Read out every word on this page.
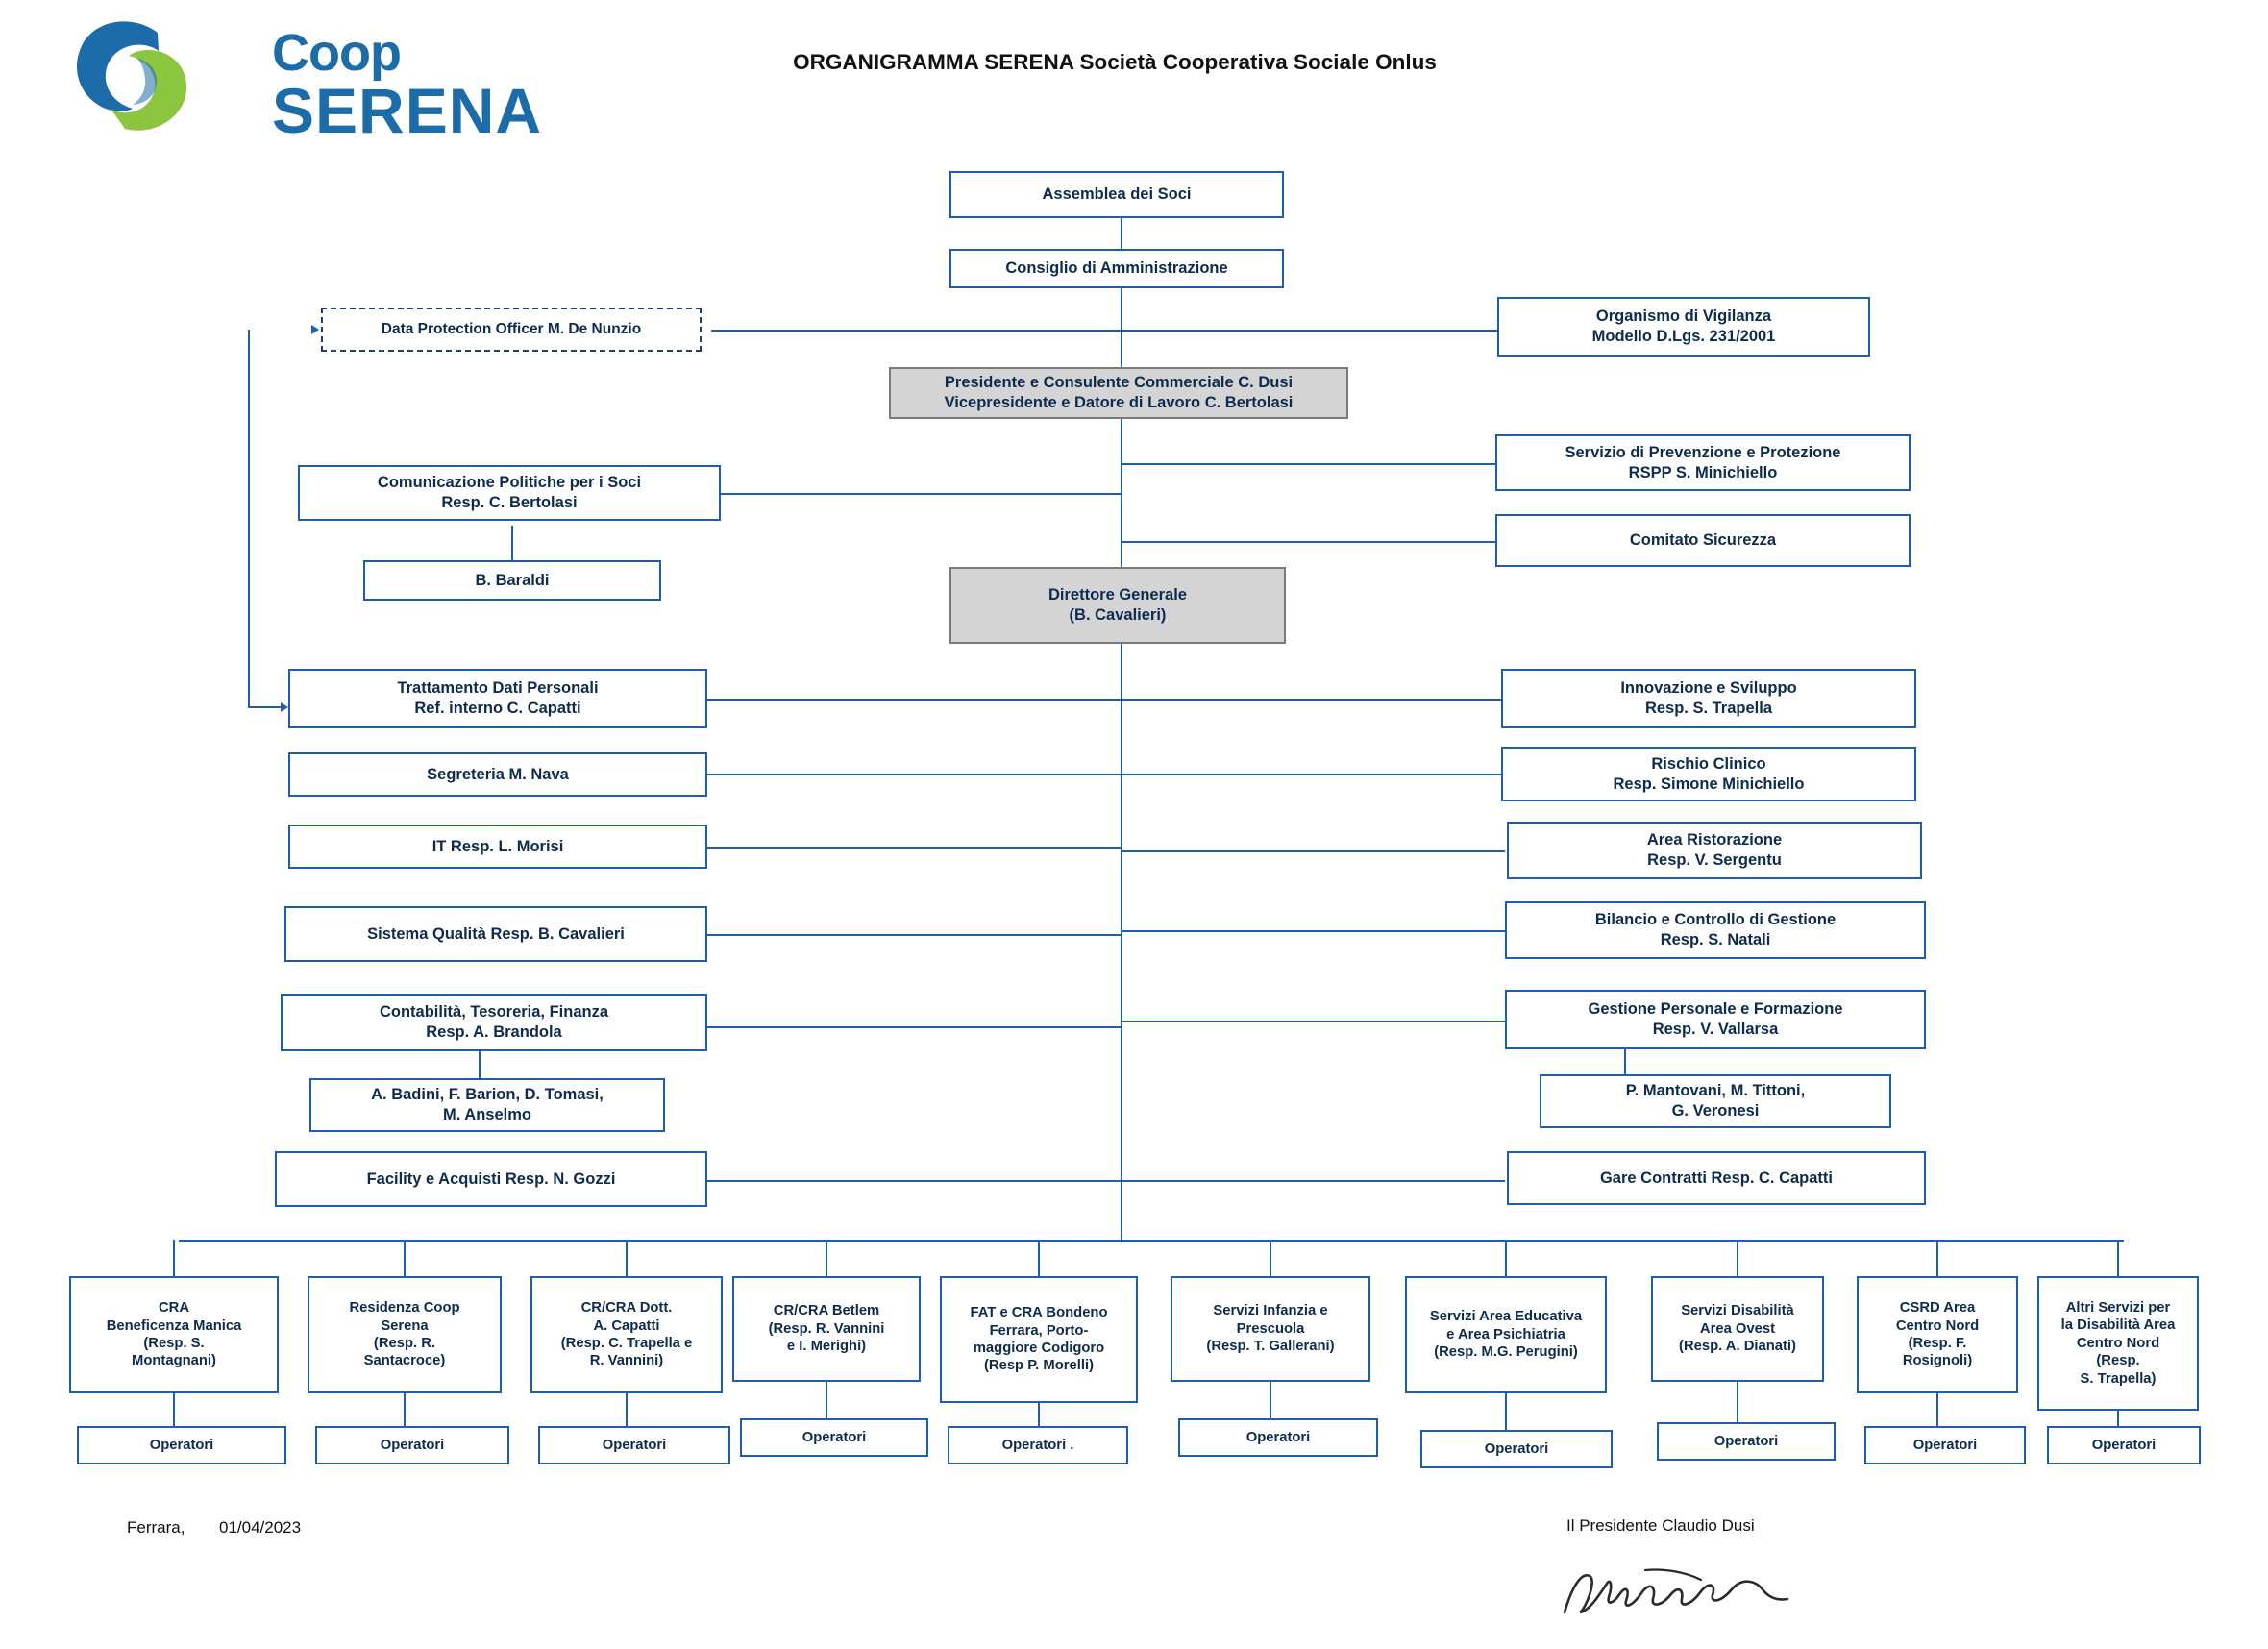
Coop
SERENA
ORGANIGRAMMA SERENA Società Cooperativa Sociale Onlus
Assemblea dei Soci
Consiglio di Amministrazione
Data Protection Officer M. De Nunzio
Organismo di Vigilanza
Modello D.Lgs. 231/2001
Presidente e Consulente Commerciale C. Dusi
Vicepresidente e Datore di Lavoro C. Bertolasi
Comunicazione Politiche per i Soci
Resp. C. Bertolasi
B. Baraldi
Servizio di Prevenzione e Protezione
RSPP S. Minichiello
Comitato Sicurezza
Direttore Generale
(B. Cavalieri)
Trattamento Dati Personali
Ref. interno C. Capatti
Segreteria M. Nava
IT Resp. L. Morisi
Sistema Qualità Resp. B. Cavalieri
Contabilità, Tesoreria, Finanza
Resp. A. Brandola
A. Badini, F. Barion, D. Tomasi,
M. Anselmo
Facility e Acquisti Resp. N. Gozzi
Innovazione e Sviluppo
Resp. S. Trapella
Rischio Clinico
Resp. Simone Minichiello
Area Ristorazione
Resp. V. Sergentu
Bilancio e Controllo di Gestione
Resp. S. Natali
Gestione Personale e Formazione
Resp. V. Vallarsa
P. Mantovani, M. Tittoni,
G. Veronesi
Gare Contratti Resp. C. Capatti
CRA
Beneficenza Manica
(Resp. S.
Montagnani)
Operatori
Residenza Coop
Serena
(Resp. R.
Santacroce)
Operatori
CR/CRA Dott.
A. Capatti
(Resp. C. Trapella e
R. Vannini)
Operatori
CR/CRA Betlem
(Resp. R. Vannini
e I. Merighi)
Operatori
FAT e CRA Bondeno
Ferrara, Porto-
maggiore Codigoro
(Resp P. Morelli)
Operatori .
Servizi Infanzia e
Prescuola
(Resp. T. Gallerani)
Operatori
Servizi Area Educativa
e Area Psichiatria
(Resp. M.G. Perugini)
Operatori
Servizi Disabilità
Area Ovest
(Resp. A. Dianati)
Operatori
CSRD Area
Centro Nord
(Resp. F.
Rosignoli)
Operatori
Altri Servizi per
la Disabilità Area
Centro Nord
(Resp.
S. Trapella)
Operatori
Ferrara, 01/04/2023	Il Presidente Claudio Dusi
